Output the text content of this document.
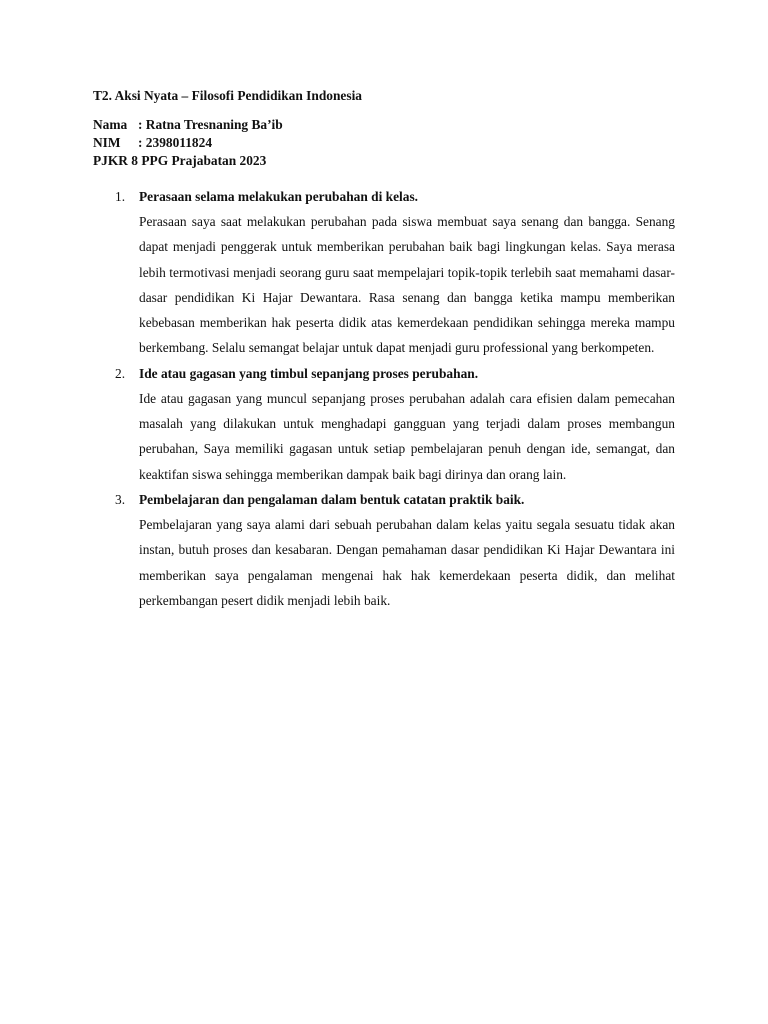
T2. Aksi Nyata – Filosofi Pendidikan Indonesia
Nama : Ratna Tresnaning Ba’ib
NIM : 2398011824
PJKR 8 PPG Prajabatan 2023
1. Perasaan selama melakukan perubahan di kelas.

Perasaan saya saat melakukan perubahan pada siswa membuat saya senang dan bangga. Senang dapat menjadi penggerak untuk memberikan perubahan baik bagi lingkungan kelas. Saya merasa lebih termotivasi menjadi seorang guru saat mempelajari topik-topik terlebih saat memahami dasar-dasar pendidikan Ki Hajar Dewantara. Rasa senang dan bangga ketika mampu memberikan kebebasan memberikan hak peserta didik atas kemerdekaan pendidikan sehingga mereka mampu berkembang. Selalu semangat belajar untuk dapat menjadi guru professional yang berkompeten.

2. Ide atau gagasan yang timbul sepanjang proses perubahan.

Ide atau gagasan yang muncul sepanjang proses perubahan adalah cara efisien dalam pemecahan masalah yang dilakukan untuk menghadapi gangguan yang terjadi dalam proses membangun perubahan, Saya memiliki gagasan untuk setiap pembelajaran penuh dengan ide, semangat, dan keaktifan siswa sehingga memberikan dampak baik bagi dirinya dan orang lain.

3. Pembelajaran dan pengalaman dalam bentuk catatan praktik baik.

Pembelajaran yang saya alami dari sebuah perubahan dalam kelas yaitu segala sesuatu tidak akan instan, butuh proses dan kesabaran. Dengan pemahaman dasar pendidikan Ki Hajar Dewantara ini memberikan saya pengalaman mengenai hak hak kemerdekaan peserta didik, dan melihat perkembangan pesert didik menjadi lebih baik.
